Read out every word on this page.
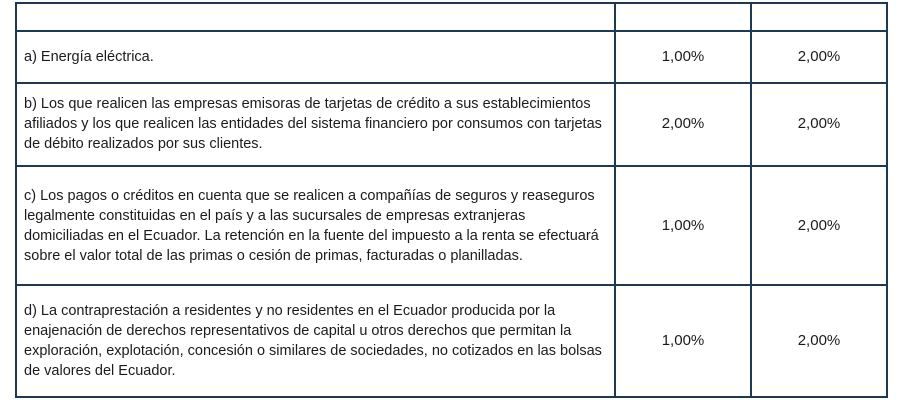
a) Energía eléctrica.	1,00%	2,00%
b) Los que realicen las empresas emisoras de tarjetas de crédito a sus establecimientos afiliados y los que realicen las entidades del sistema financiero por consumos con tarjetas de débito realizados por sus clientes.	2,00%	2,00%
c) Los pagos o créditos en cuenta que se realicen a compañías de seguros y reaseguros legalmente constituidas en el país y a las sucursales de empresas extranjeras domiciliadas en el Ecuador. La retención en la fuente del impuesto a la renta se efectuará sobre el valor total de las primas o cesión de primas, facturadas o planilladas.	1,00%	2,00%
d) La contraprestación a residentes y no residentes en el Ecuador producida por la enajenación de derechos representativos de capital u otros derechos que permitan la exploración, explotación, concesión o similares de sociedades, no cotizados en las bolsas de valores del Ecuador.	1,00%	2,00%
